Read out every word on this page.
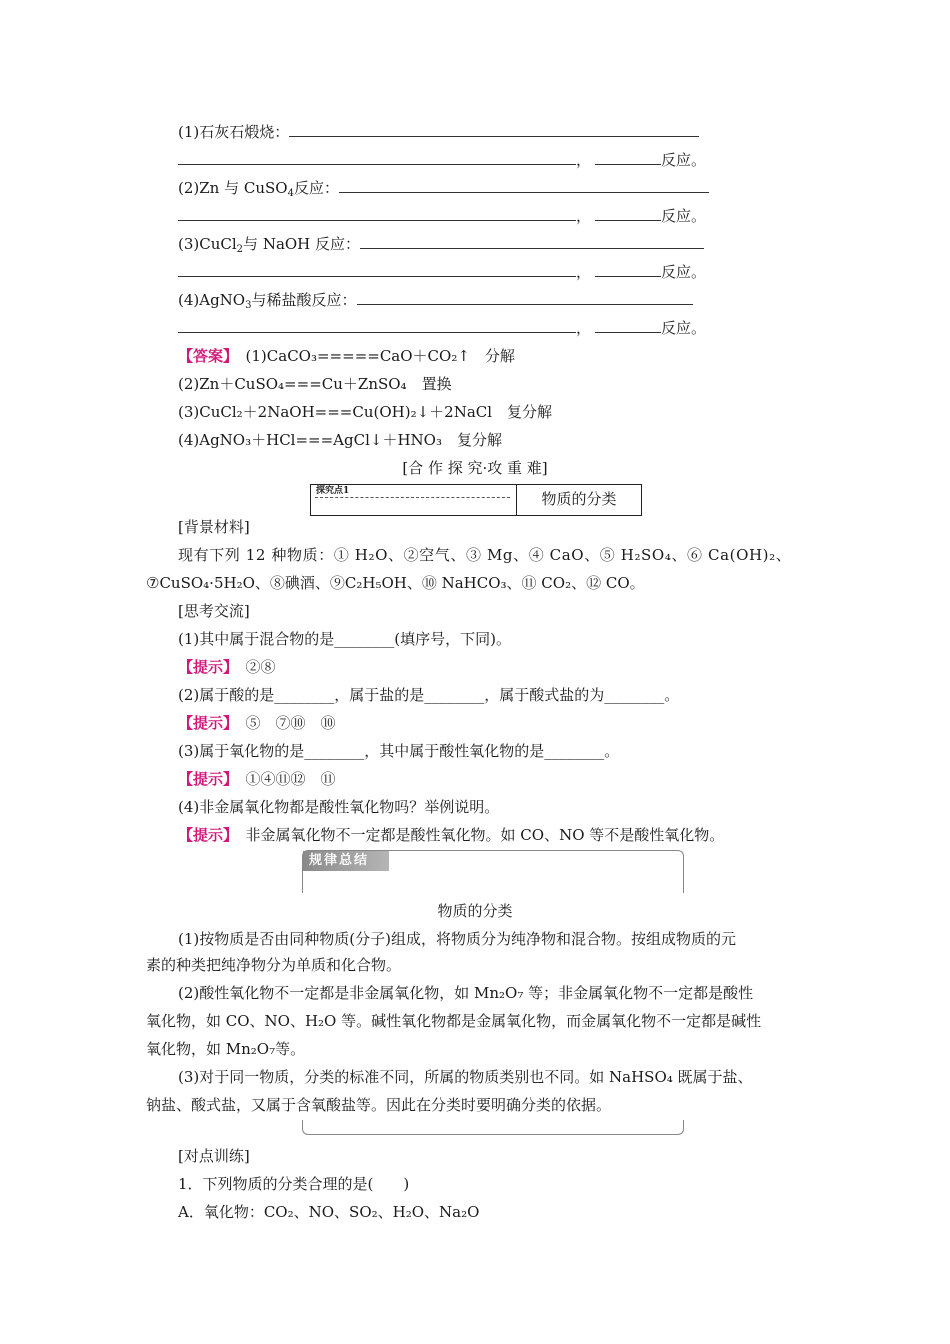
(1)石灰石煅烧：
，	反应。
(2)Zn 与 CuSO$_4$反应：
，	反应。
(3)CuCl$_2$与 NaOH 反应：
，	反应。
(4)AgNO$_3$与稀盐酸反应：
，	反应。
【答案】　 (1)CaCO₃=====CaO＋CO₂↑　分解
(2)Zn＋CuSO₄===Cu＋ZnSO₄　置换
(3)CuCl₂＋2NaOH===Cu(OH)₂↓＋2NaCl　复分解
(4)AgNO₃＋HCl===AgCl↓＋HNO₃　复分解
[合 作 探 究·攻 重 难]
探究点1	物质的分类
[背景材料]
现有下列 12 种物质：① H₂O、②空气、③ Mg、④ CaO、⑤ H₂SO₄、⑥ Ca(OH)₂、
⑦CuSO₄·5H₂O、⑧碘酒、⑨C₂H₅OH、⑩ NaHCO₃、⑪ CO₂、⑫ CO。
[思考交流]
(1)其中属于混合物的是________(填序号，下同)。
【提示】　 ②⑧
(2)属于酸的是________，属于盐的是________，属于酸式盐的为________。
【提示】　 ⑤　⑦⑩　⑩
(3)属于氧化物的是________，其中属于酸性氧化物的是________。
【提示】　 ①④⑪⑫　⑪
(4)非金属氧化物都是酸性氧化物吗？举例说明。
【提示】　 非金属氧化物不一定都是酸性氧化物。如 CO、NO 等不是酸性氧化物。
规律总结
物质的分类
(1)按物质是否由同种物质(分子)组成，将物质分为纯净物和混合物。按组成物质的元
素的种类把纯净物分为单质和化合物。
(2)酸性氧化物不一定都是非金属氧化物，如 Mn₂O₇ 等；非金属氧化物不一定都是酸性
氧化物，如 CO、NO、H₂O 等。碱性氧化物都是金属氧化物，而金属氧化物不一定都是碱性
氧化物，如 Mn₂O₇等。
(3)对于同一物质，分类的标准不同，所属的物质类别也不同。如 NaHSO₄ 既属于盐、
钠盐、酸式盐，又属于含氧酸盐等。因此在分类时要明确分类的依据。
[对点训练]
1．下列物质的分类合理的是(　　)
A．氧化物：CO₂、NO、SO₂、H₂O、Na₂O
